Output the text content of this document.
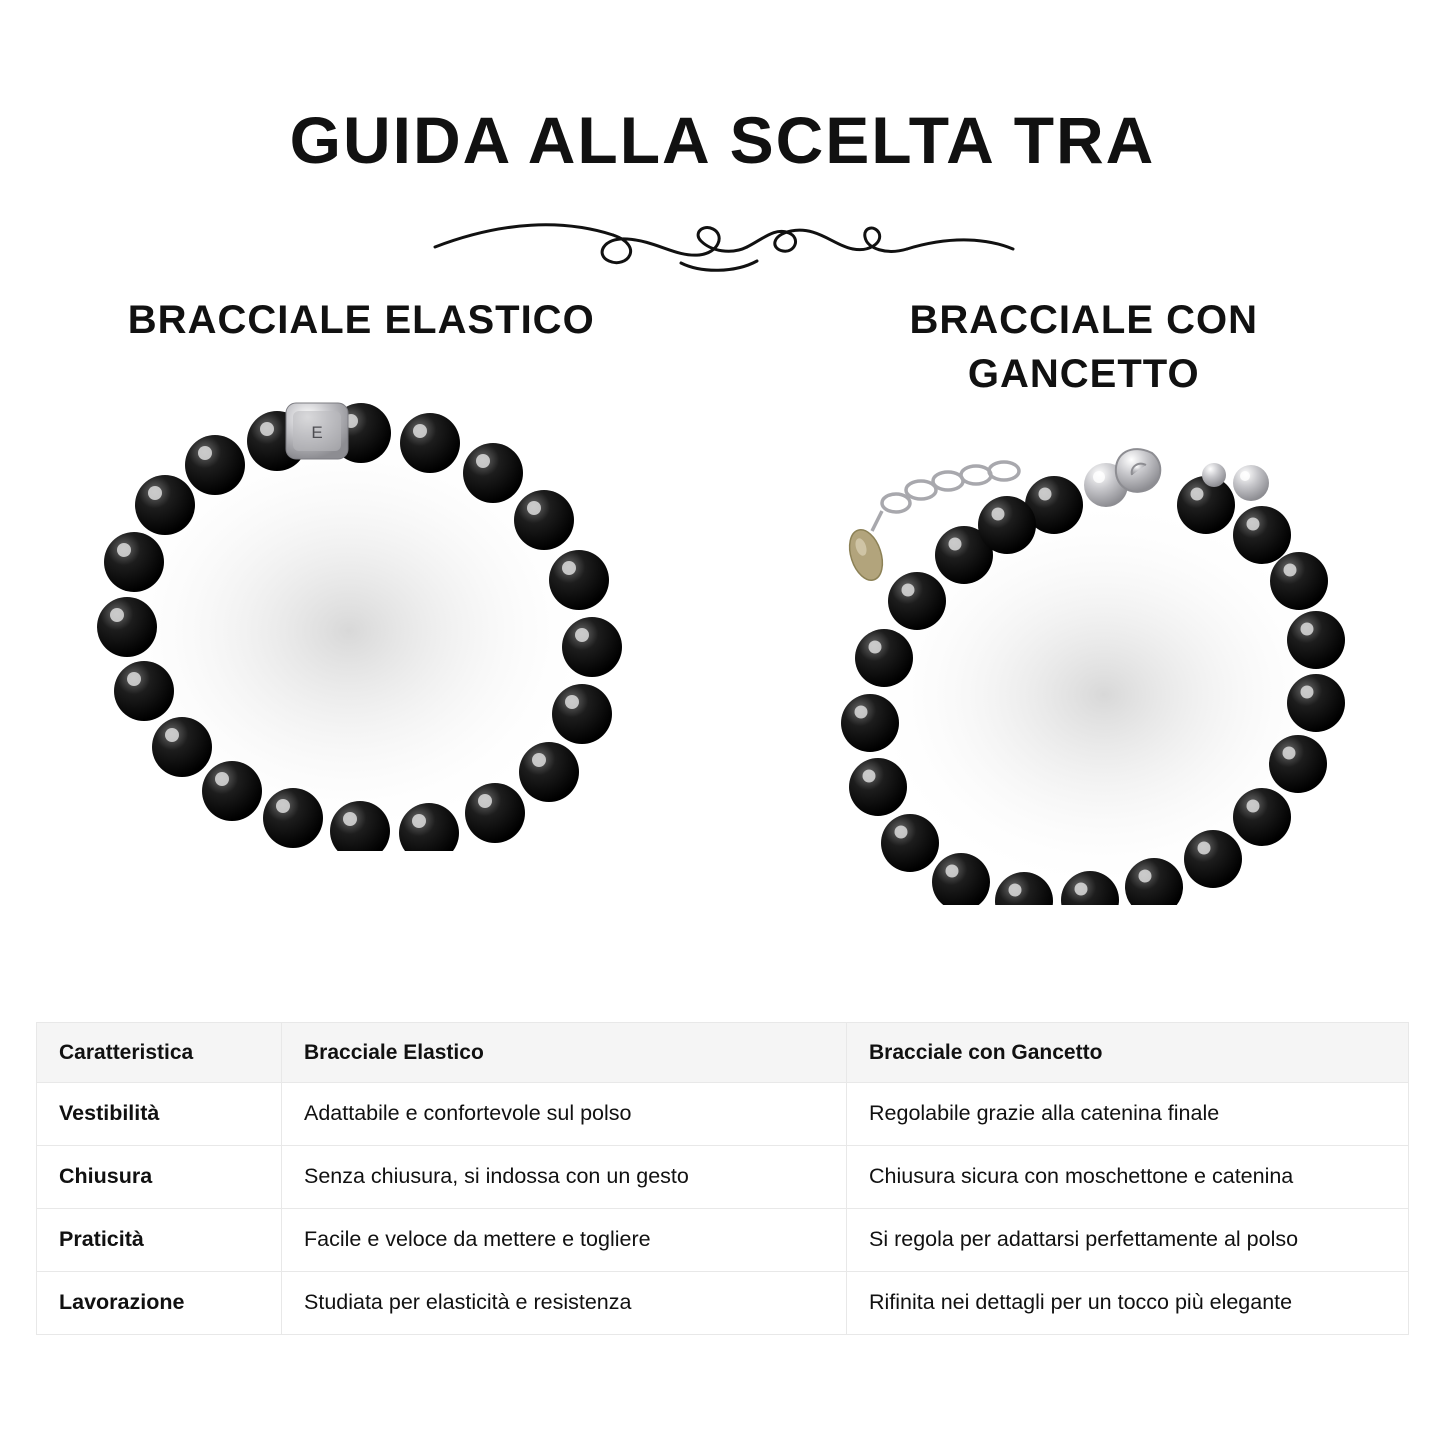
GUIDA ALLA SCELTA TRA
BRACCIALE ELASTICO
E
BRACCIALE CON GANCETTO
Caratteristica	Bracciale Elastico	Bracciale con Gancetto
Vestibilità	Adattabile e confortevole sul polso	Regolabile grazie alla catenina finale
Chiusura	Senza chiusura, si indossa con un gesto	Chiusura sicura con moschettone e catenina
Praticità	Facile e veloce da mettere e togliere	Si regola per adattarsi perfettamente al polso
Lavorazione	Studiata per elasticità e resistenza	Rifinita nei dettagli per un tocco più elegante
